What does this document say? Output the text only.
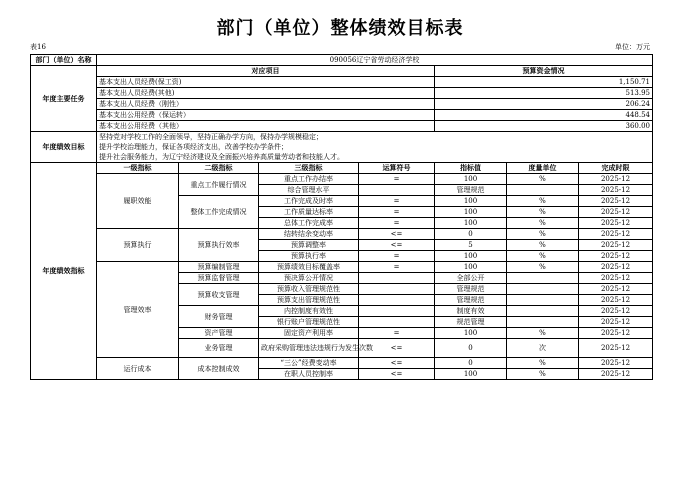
部门（单位）整体绩效目标表
表16	单位：万元
部门（单位）名称	090056辽宁省劳动经济学校						
年度主要任务	对应项目				预算资金情况		
	基本支出人员经费(保工资)				1,150.71		
	基本支出人员经费(其他)				513.95		
	基本支出人员经费（刚性）				206.24		
	基本支出公用经费（保运转）				448.54		
	基本支出公用经费（其他）				360.00		
年度绩效目标	坚持党对学校工作的全面领导，坚持正确办学方向，保持办学规模稳定；
提升学校治理能力，保证各项经济支出，改善学校办学条件；
提升社会服务能力，为辽宁经济建设及全面振兴培养高质量劳动者和技能人才。						

年度绩效指标	一级指标	二级指标	三级指标	运算符号	指标值	度量单位	完成时限
	履职效能	重点工作履行情况	重点工作办结率	=	100	%	2025-12
			综合管理水平		管理规范		2025-12
		整体工作完成情况	工作完成及时率	=	100	%	2025-12
			工作质量达标率	=	100	%	2025-12
			总体工作完成率	=	100	%	2025-12
	预算执行	预算执行效率	结转结余变动率	<=	0	%	2025-12
			预算调整率	<=	5	%	2025-12
			预算执行率	=	100	%	2025-12
	管理效率	预算编制管理	预算绩效目标覆盖率	=	100	%	2025-12
		预算监督管理	预决算公开情况		全部公开		2025-12
		预算收支管理	预算收入管理规范性		管理规范		2025-12
			预算支出管理规范性		管理规范		2025-12
		财务管理	内控制度有效性		制度有效		2025-12
			银行账户管理规范性		规范管理		2025-12
		资产管理	固定资产利用率	=	100	%	2025-12
		业务管理	政府采购管理违法违规行为发生次数	<=	0	次	2025-12
	运行成本	成本控制成效	“三公”经费变动率	<=	0	%	2025-12
			在职人员控制率	<=	100	%	2025-12
